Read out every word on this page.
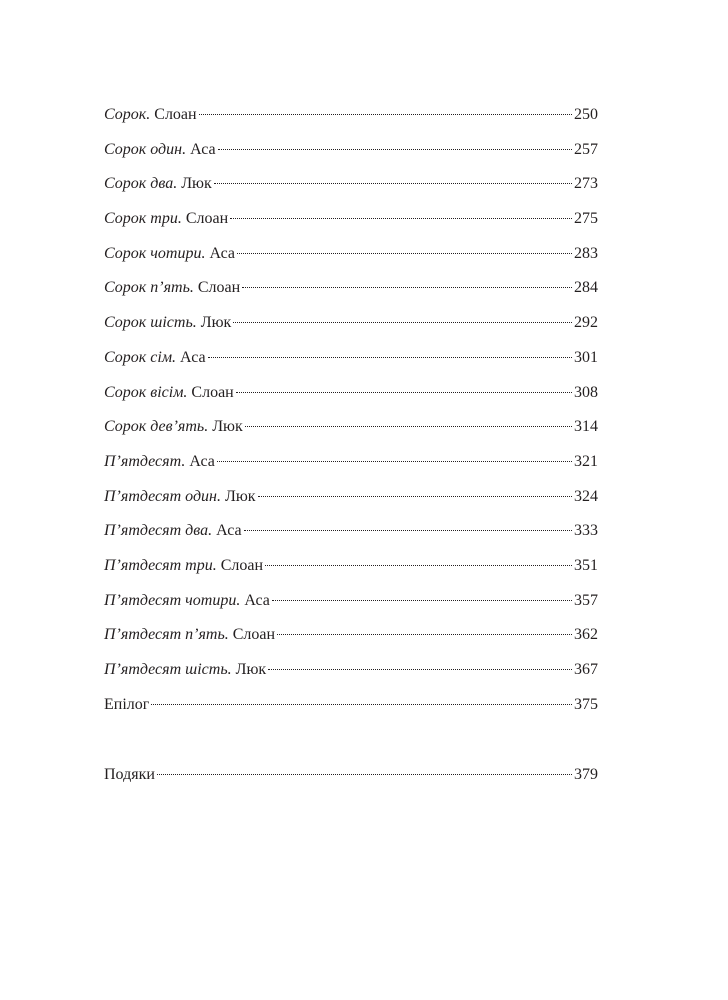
Сорок. Слоан	250
Сорок один. Аса	257
Сорок два. Люк	273
Сорок три. Слоан	275
Сорок чотири. Аса	283
Сорок п’ять. Слоан	284
Сорок шість. Люк	292
Сорок сім. Аса	301
Сорок вісім. Слоан	308
Сорок дев’ять. Люк	314
П’ятдесят. Аса	321
П’ятдесят один. Люк	324
П’ятдесят два. Аса	333
П’ятдесят три. Слоан	351
П’ятдесят чотири. Аса	357
П’ятдесят п’ять. Слоан	362
П’ятдесят шість. Люк	367
Епілог	375
Подяки	379
